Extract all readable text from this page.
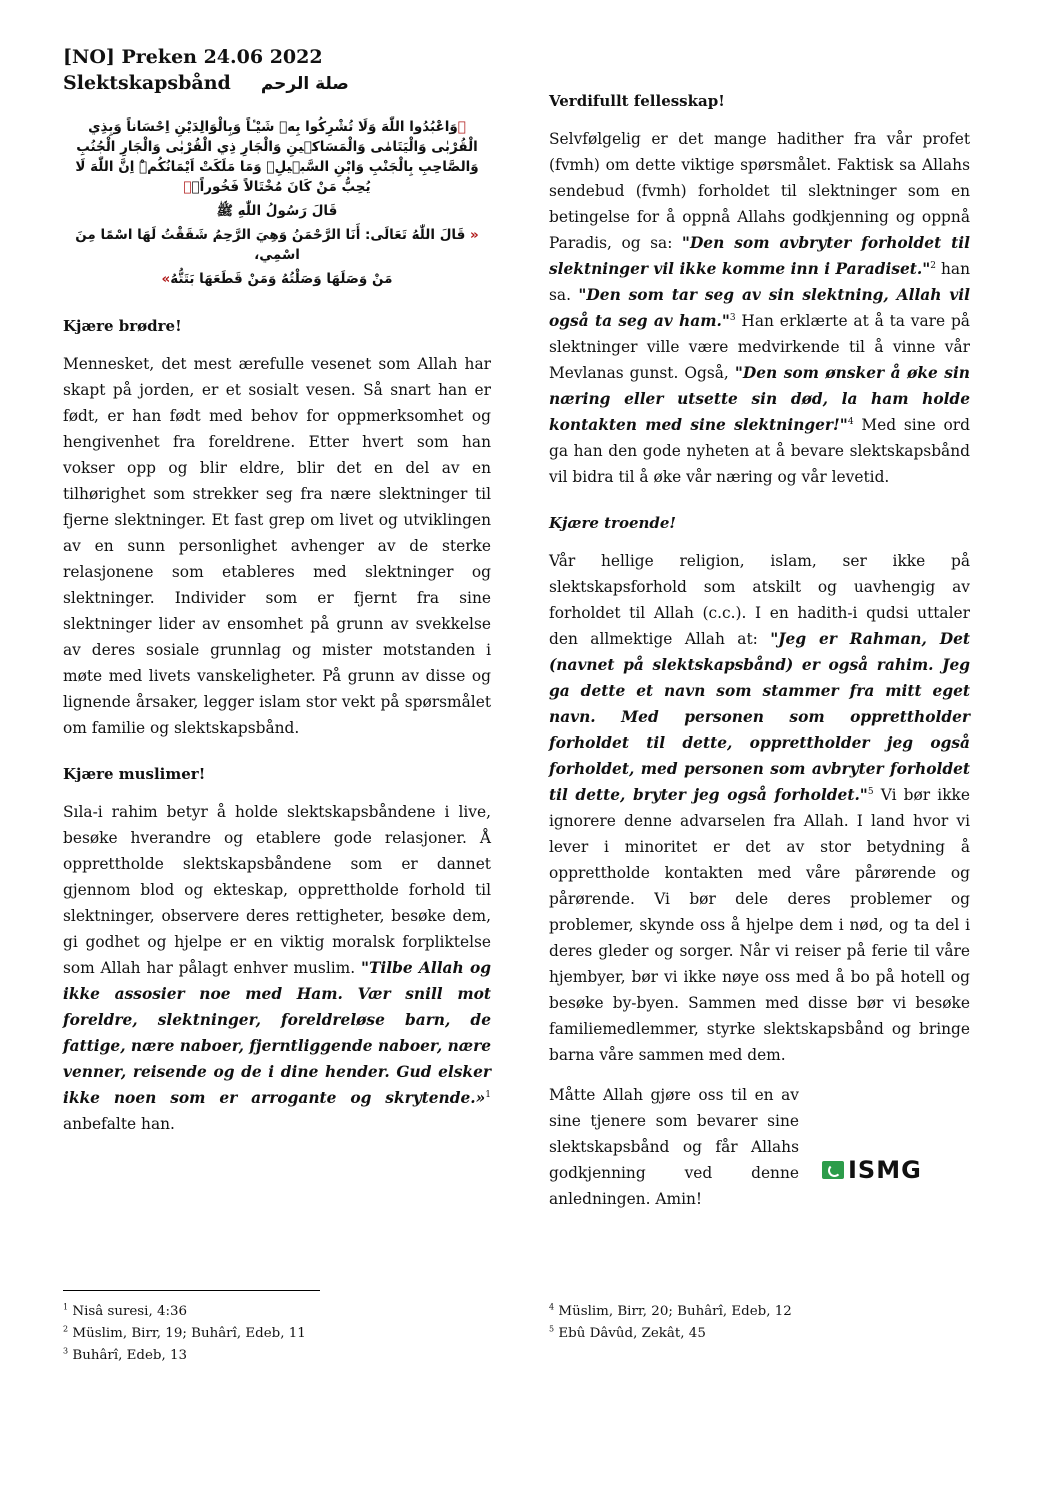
[NO] Preken 24.06 2022
Slektskapsbånd صلة الرحم

﴿وَاعْبُدُوا اللّٰهَ وَلَا تُشْرِكُوا بِه۪ شَيْـٔاً وَبِالْوَالِدَيْنِ اِحْسَاناً وَبِذِي الْقُرْبٰى وَالْيَتَامٰى وَالْمَسَاك۪ينِ وَالْجَارِ ذِي الْقُرْبٰى وَالْجَارِ الْجُنُبِ وَالصَّاحِبِ بِالْجَنْبِ وَابْنِ السَّب۪يلِۙ وَمَا مَلَكَتْ اَيْمَانُكُمْۜ اِنَّ اللّٰهَ لَا يُحِبُّ مَنْ كَانَ مُخْتَالاً فَخُوراًۙ﴾

قَالَ رَسُولُ اللّٰهِ ﷺ

« قَالَ اللّٰهُ تَعَالَى: أَنَا الرَّحْمَنُ وَهِيَ الرَّحِمُ شَقَقْتُ لَهَا اسْمًا مِنَ اسْمِي،

مَنْ وَصَلَهَا وَصَلْتُهُ وَمَنْ قَطَعَهَا بَتَتُّهُ»

Kjære brødre!

Mennesket, det mest ærefulle vesenet som Allah har skapt på jorden, er et sosialt vesen. Så snart han er født, er han født med behov for oppmerksomhet og hengivenhet fra foreldrene. Etter hvert som han vokser opp og blir eldre, blir det en del av en tilhørighet som strekker seg fra nære slektninger til fjerne slektninger. Et fast grep om livet og utviklingen av en sunn personlighet avhenger av de sterke relasjonene som etableres med slektninger og slektninger. Individer som er fjernt fra sine slektninger lider av ensomhet på grunn av svekkelse av deres sosiale grunnlag og mister motstanden i møte med livets vanskeligheter. På grunn av disse og lignende årsaker, legger islam stor vekt på spørsmålet om familie og slektskapsbånd.

Kjære muslimer!

Sıla-i rahim betyr å holde slektskapsbåndene i live, besøke hverandre og etablere gode relasjoner. Å opprettholde slektskapsbåndene som er dannet gjennom blod og ekteskap, opprettholde forhold til slektninger, observere deres rettigheter, besøke dem, gi godhet og hjelpe er en viktig moralsk forpliktelse som Allah har pålagt enhver muslim. "Tilbe Allah og ikke assosier noe med Ham. Vær snill mot foreldre, slektninger, foreldreløse barn, de fattige, nære naboer, fjerntliggende naboer, nære venner, reisende og de i dine hender. Gud elsker ikke noen som er arrogante og skrytende.»$^1$ anbefalte han.

Verdifullt fellesskap!

Selvfølgelig er det mange hadither fra vår profet (fvmh) om dette viktige spørsmålet. Faktisk sa Allahs sendebud (fvmh) forholdet til slektninger som en betingelse for å oppnå Allahs godkjenning og oppnå Paradis, og sa: "Den som avbryter forholdet til slektninger vil ikke komme inn i Paradiset."$^2$ han sa. "Den som tar seg av sin slektning, Allah vil også ta seg av ham."$^3$ Han erklærte at å ta vare på slektninger ville være medvirkende til å vinne vår Mevlanas gunst. Også, "Den som ønsker å øke sin næring eller utsette sin død, la ham holde kontakten med sine slektninger!"$^4$ Med sine ord ga han den gode nyheten at å bevare slektskapsbånd vil bidra til å øke vår næring og vår levetid.

Kjære troende!

Vår hellige religion, islam, ser ikke på slektskapsforhold som atskilt og uavhengig av forholdet til Allah (c.c.). I en hadith-i qudsi uttaler den allmektige Allah at: "Jeg er Rahman, Det (navnet på slektskapsbånd) er også rahim. Jeg ga dette et navn som stammer fra mitt eget navn. Med personen som opprettholder forholdet til dette, opprettholder jeg også forholdet, med personen som avbryter forholdet til dette, bryter jeg også forholdet."$^5$ Vi bør ikke ignorere denne advarselen fra Allah. I land hvor vi lever i minoritet er det av stor betydning å opprettholde kontakten med våre pårørende og pårørende. Vi bør dele deres problemer og problemer, skynde oss å hjelpe dem i nød, og ta del i deres gleder og sorger. Når vi reiser på ferie til våre hjembyer, bør vi ikke nøye oss med å bo på hotell og besøke by-byen. Sammen med disse bør vi besøke familiemedlemmer, styrke slektskapsbånd og bringe barna våre sammen med dem.

Måtte Allah gjøre oss til en av sine tjenere som bevarer sine slektskapsbånd og får Allahs godkjenning ved denne anledningen. Amin!

ISMG
$^1$ Nisâ suresi, 4:36
$^2$ Müslim, Birr, 19; Buhârî, Edeb, 11
$^3$ Buhârî, Edeb, 13
$^4$ Müslim, Birr, 20; Buhârî, Edeb, 12
$^5$ Ebû Dâvûd, Zekât, 45
